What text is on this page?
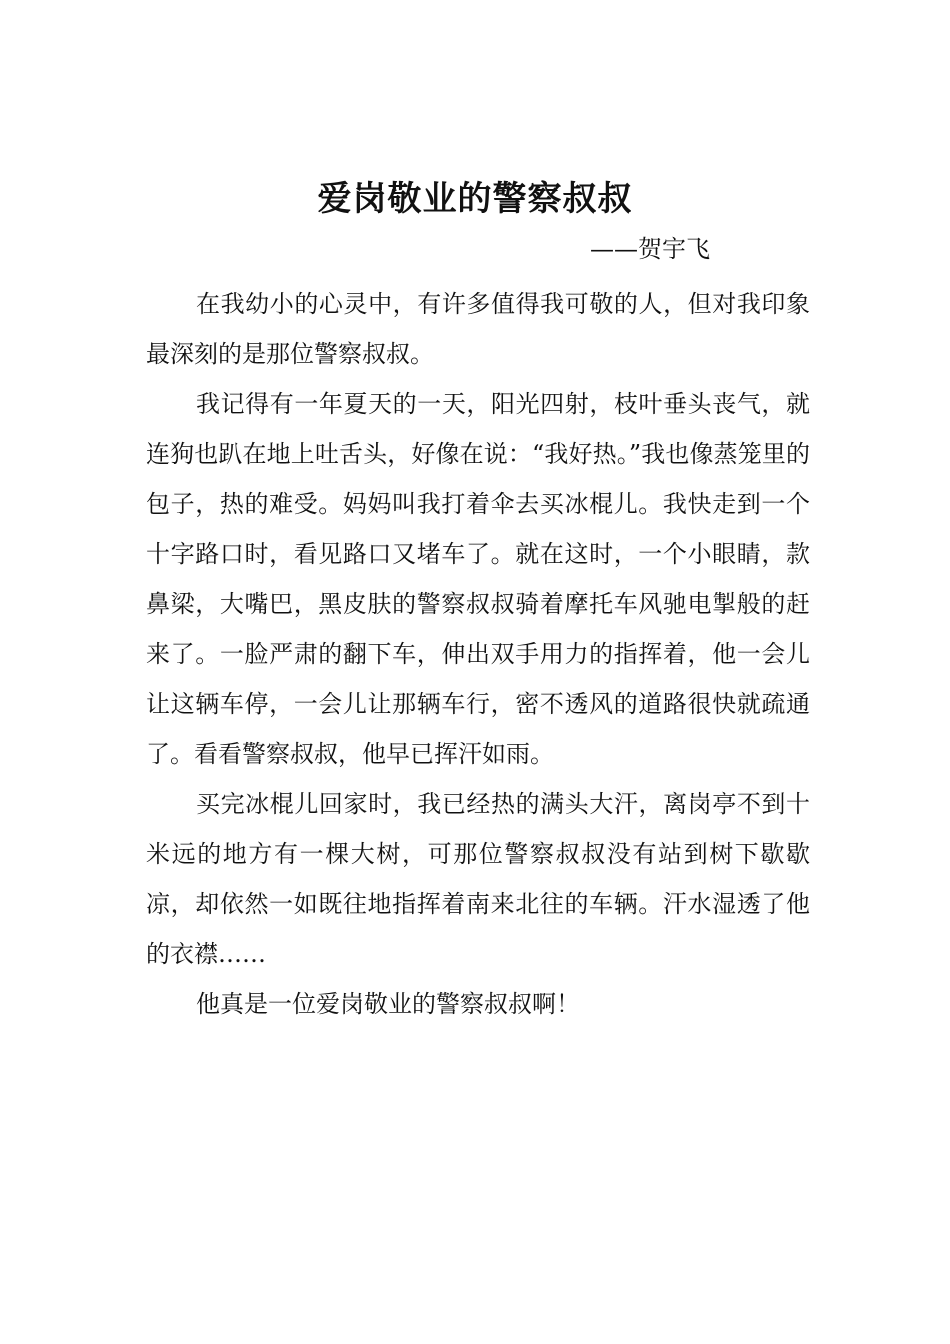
爱岗敬业的警察叔叔

——贺宇飞

在我幼小的心灵中，有许多值得我可敬的人，但对我印象最深刻的是那位警察叔叔。

我记得有一年夏天的一天，阳光四射，枝叶垂头丧气，就连狗也趴在地上吐舌头，好像在说：“我好热。”我也像蒸笼里的包子，热的难受。妈妈叫我打着伞去买冰棍儿。我快走到一个十字路口时，看见路口又堵车了。就在这时，一个小眼睛，款鼻梁，大嘴巴，黑皮肤的警察叔叔骑着摩托车风驰电掣般的赶来了。一脸严肃的翻下车，伸出双手用力的指挥着，他一会儿让这辆车停，一会儿让那辆车行，密不透风的道路很快就疏通了。看看警察叔叔，他早已挥汗如雨。

买完冰棍儿回家时，我已经热的满头大汗，离岗亭不到十米远的地方有一棵大树，可那位警察叔叔没有站到树下歇歇凉，却依然一如既往地指挥着南来北往的车辆。汗水湿透了他的衣襟……

他真是一位爱岗敬业的警察叔叔啊！
